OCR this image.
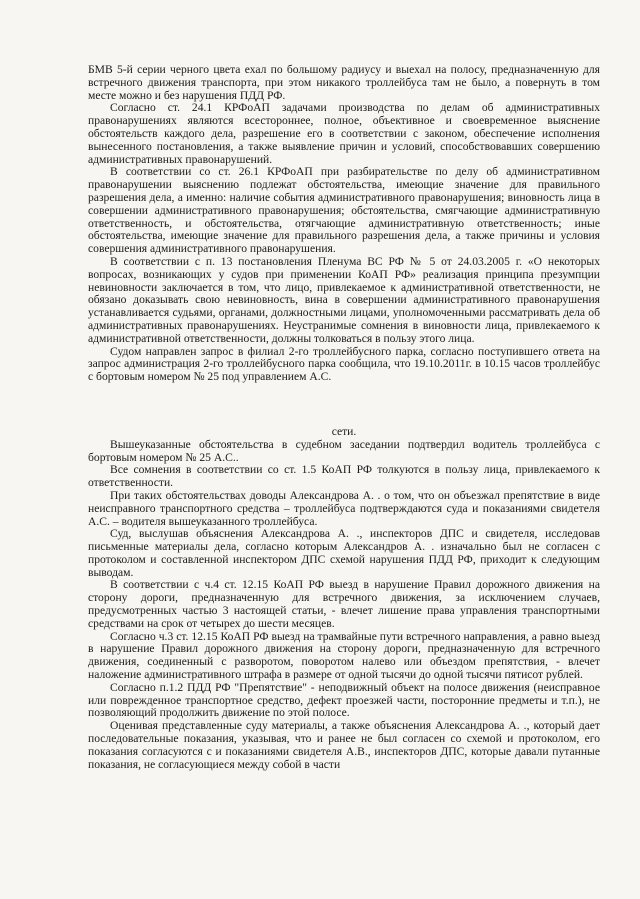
БМВ 5-й серии черного цвета ехал по большому радиусу и выехал на полосу, предназначенную для встречного движения транспорта, при этом никакого троллейбуса там не было, а повернуть в том месте можно и без нарушения ПДД РФ.

Согласно ст. 24.1 КРФоАП задачами производства по делам об административных правонарушениях являются всестороннее, полное, объективное и своевременное выяснение обстоятельств каждого дела, разрешение его в соответствии с законом, обеспечение исполнения вынесенного постановления, а также выявление причин и условий, способствовавших совершению административных правонарушений.

В соответствии со ст. 26.1 КРФоАП при разбирательстве по делу об административном правонарушении выяснению подлежат обстоятельства, имеющие значение для правильного разрешения дела, а именно: наличие события административного правонарушения; виновность лица в совершении административного правонарушения; обстоятельства, смягчающие административную ответственность, и обстоятельства, отягчающие административную ответственность; иные обстоятельства, имеющие значение для правильного разрешения дела, а также причины и условия совершения административного правонарушения.

В соответствии с п. 13 постановления Пленума ВС РФ № 5 от 24.03.2005 г. «О некоторых вопросах, возникающих у судов при применении КоАП РФ» реализация принципа презумпции невиновности заключается в том, что лицо, привлекаемое к административной ответственности, не обязано доказывать свою невиновность, вина в совершении административного правонарушения устанавливается судьями, органами, должностными лицами, уполномоченными рассматривать дела об административных правонарушениях. Неустранимые сомнения в виновности лица, привлекаемого к административной ответственности, должны толковаться в пользу этого лица.

Судом направлен запрос в филиал 2-го троллейбусного парка, согласно поступившего ответа на запрос администрация 2-го троллейбусного парка сообщила, что 19.10.2011г. в 10.15 часов троллейбус с бортовым номером № 25 под управлением А.С.

сети.

Вышеуказанные обстоятельства в судебном заседании подтвердил водитель троллейбуса с бортовым номером № 25 А.С..

Все сомнения в соответствии со ст. 1.5 КоАП РФ толкуются в пользу лица, привлекаемого к ответственности.

При таких обстоятельствах доводы Александрова А. . о том, что он объезжал препятствие в виде неисправного транспортного средства – троллейбуса подтверждаются суда и показаниями свидетеля А.С. – водителя вышеуказанного троллейбуса.

Суд, выслушав объяснения Александрова А. ., инспекторов ДПС и свидетеля, исследовав письменные материалы дела, согласно которым Александров А. . изначально был не согласен с протоколом и составленной инспектором ДПС схемой нарушения ПДД РФ, приходит к следующим выводам.

В соответствии с ч.4 ст. 12.15 КоАП РФ выезд в нарушение Правил дорожного движения на сторону дороги, предназначенную для встречного движения, за исключением случаев, предусмотренных частью 3 настоящей статьи, - влечет лишение права управления транспортными средствами на срок от четырех до шести месяцев.

Согласно ч.3 ст. 12.15 КоАП РФ выезд на трамвайные пути встречного направления, а равно выезд в нарушение Правил дорожного движения на сторону дороги, предназначенную для встречного движения, соединенный с разворотом, поворотом налево или объездом препятствия, - влечет наложение административного штрафа в размере от одной тысячи до одной тысячи пятисот рублей.

Согласно п.1.2 ПДД РФ "Препятствие" - неподвижный объект на полосе движения (неисправное или поврежденное транспортное средство, дефект проезжей части, посторонние предметы и т.п.), не позволяющий продолжить движение по этой полосе.

Оценивая представленные суду материалы, а также объяснения Александрова А. ., который дает последовательные показания, указывая, что и ранее не был согласен со схемой и протоколом, его показания согласуются с и показаниями свидетеля А.В., инспекторов ДПС, которые давали путанные показания, не согласующиеся между собой в части
